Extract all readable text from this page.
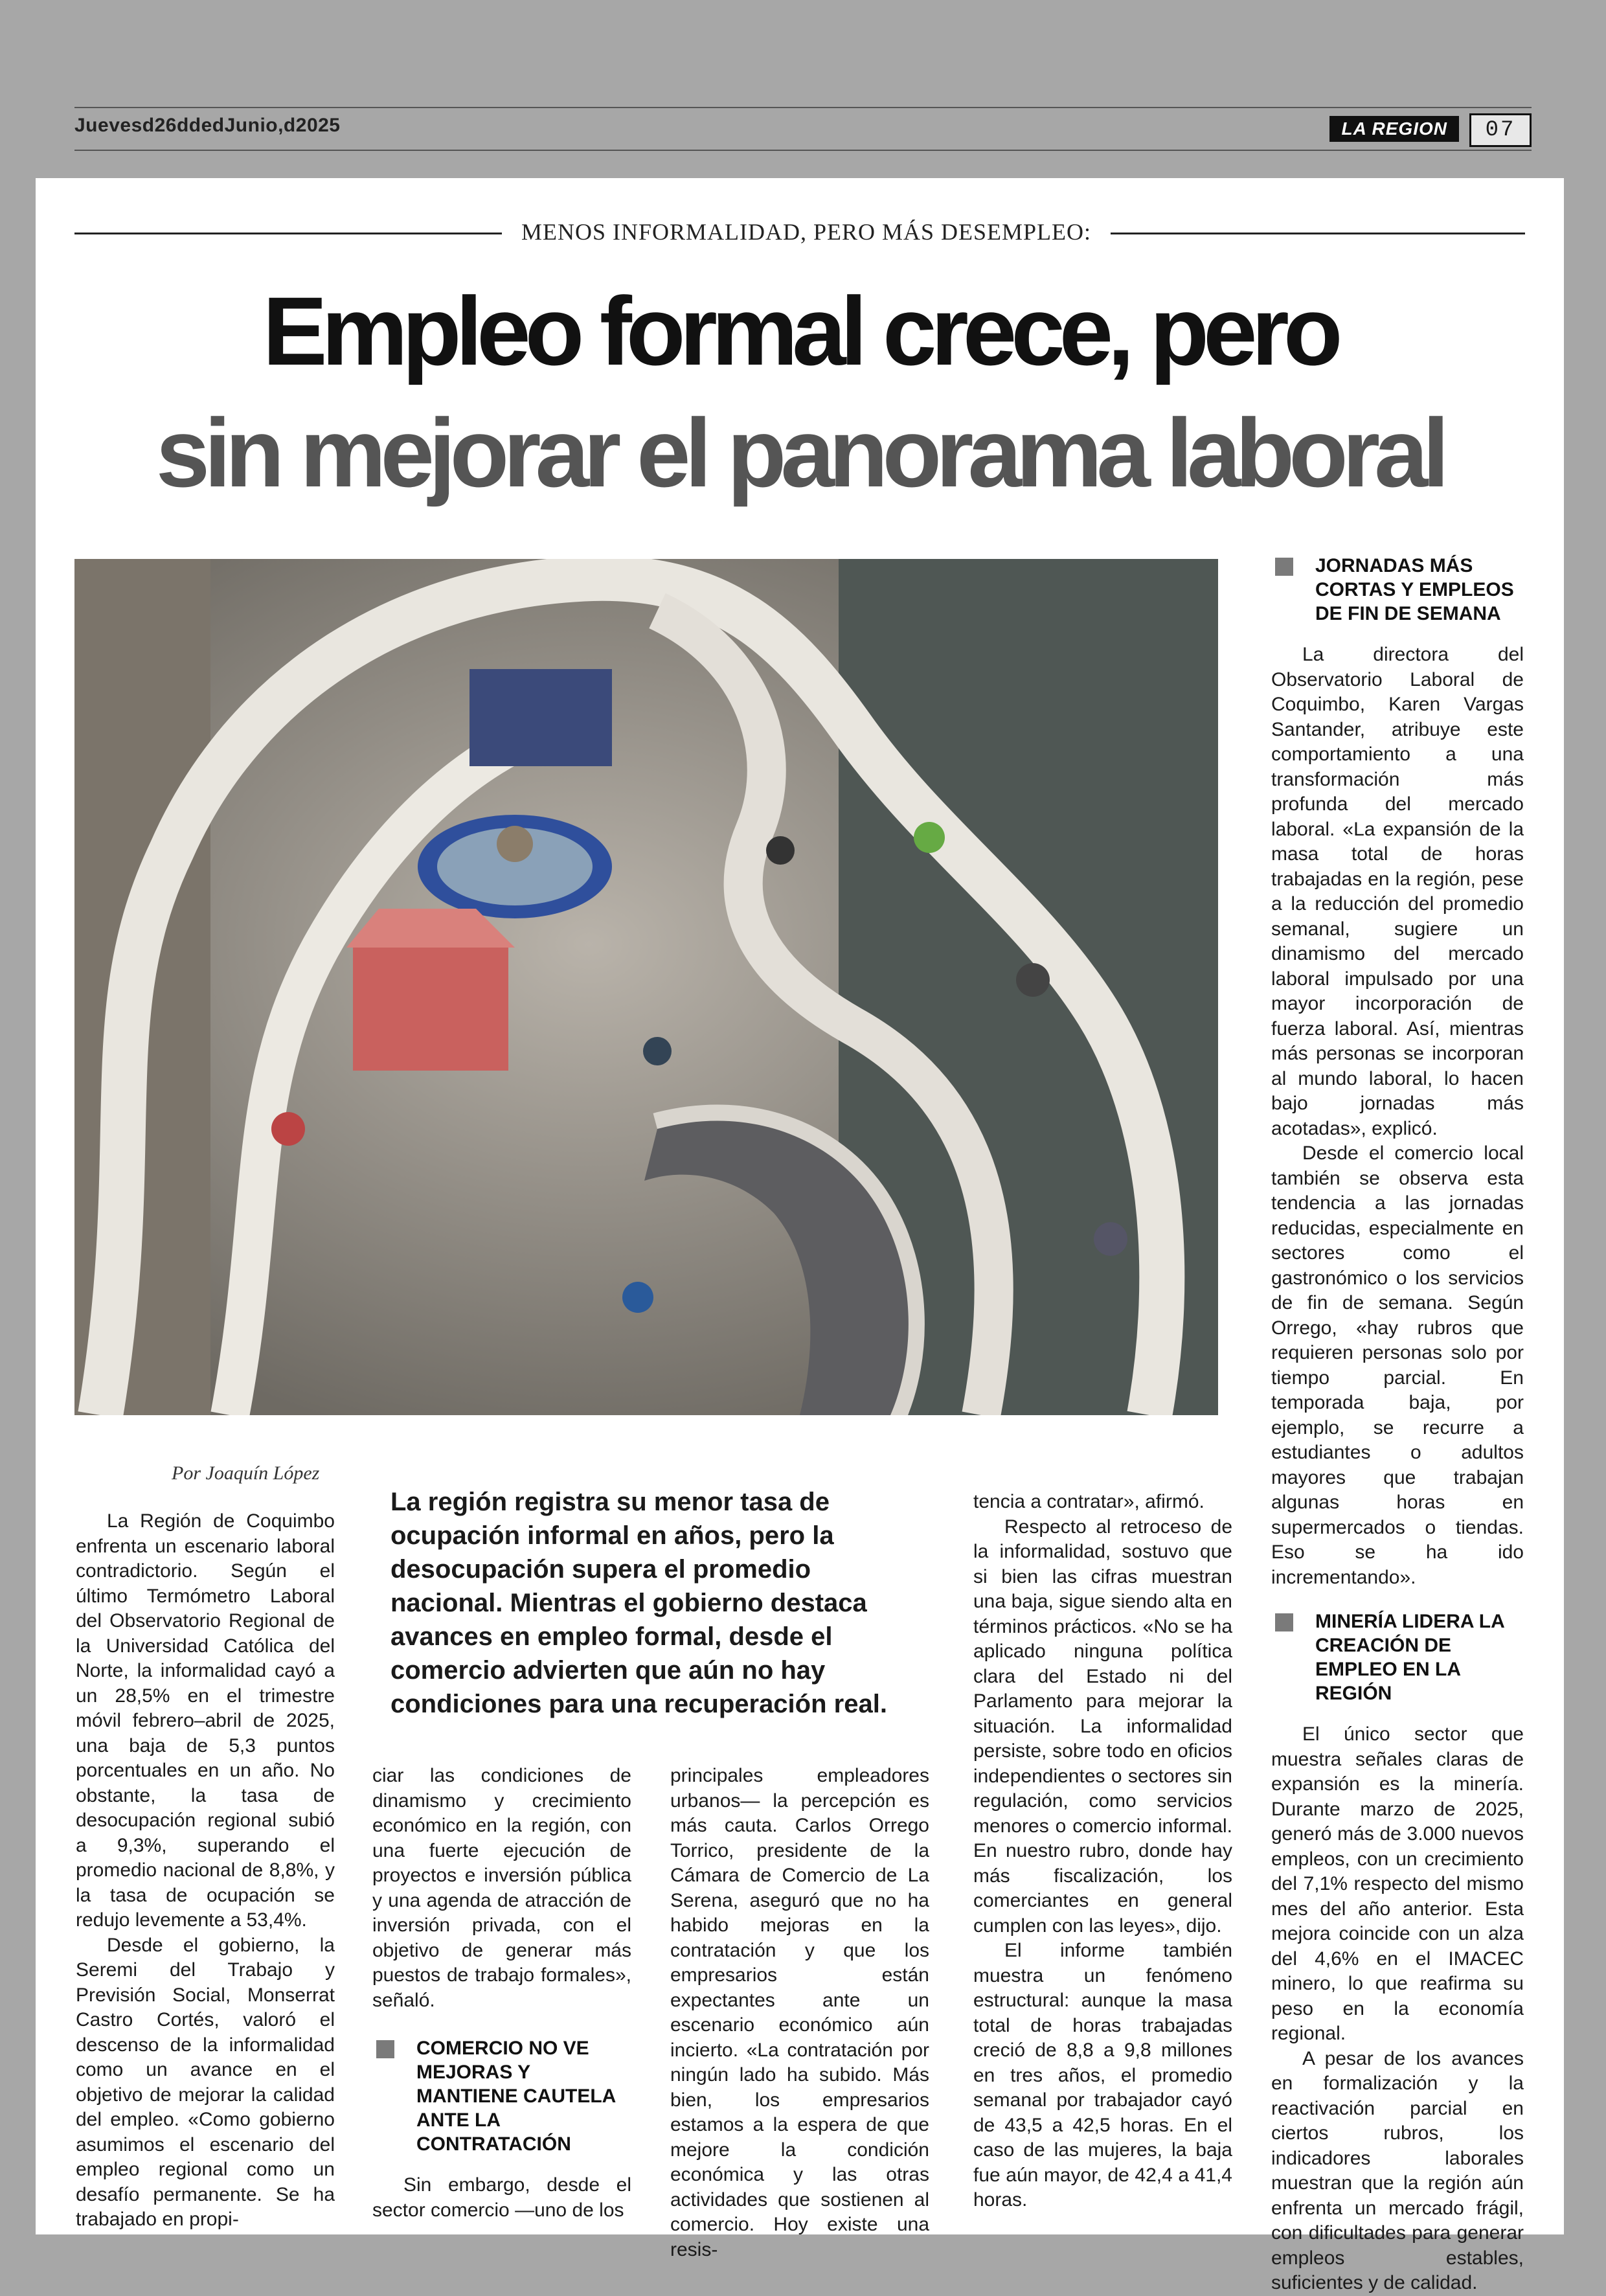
Juevesd26ddedJunio,d2025	LA REGION	07
MENOS INFORMALIDAD, PERO MÁS DESEMPLEO:
Empleo formal crece, pero
sin mejorar el panorama laboral
JORNADAS MÁS CORTAS Y EMPLEOS DE FIN DE SEMANA

La directora del Observatorio Laboral de Coquimbo, Karen Vargas Santander, atribuye este comportamiento a una transformación más profunda del mercado laboral. «La expansión de la masa total de horas trabajadas en la región, pese a la reducción del promedio semanal, sugiere un dinamismo del mercado laboral impulsado por una mayor incorporación de fuerza laboral. Así, mientras más personas se incorporan al mundo laboral, lo hacen bajo jornadas más acotadas», explicó.

Desde el comercio local también se observa esta tendencia a las jornadas reducidas, especialmente en sectores como el gastronómico o los servicios de fin de semana. Según Orrego, «hay rubros que requieren personas solo por tiempo parcial. En temporada baja, por ejemplo, se recurre a estudiantes o adultos mayores que trabajan algunas horas en supermercados o tiendas. Eso se ha ido incrementando».

MINERÍA LIDERA LA CREACIÓN DE EMPLEO EN LA REGIÓN

El único sector que muestra señales claras de expansión es la minería. Durante marzo de 2025, generó más de 3.000 nuevos empleos, con un crecimiento del 7,1% respecto del mismo mes del año anterior. Esta mejora coincide con un alza del 4,6% en el IMACEC minero, lo que reafirma su peso en la economía regional.

A pesar de los avances en formalización y la reactivación parcial en ciertos rubros, los indicadores laborales muestran que la región aún enfrenta un mercado frágil, con dificultades para generar empleos estables, suficientes y de calidad.

Por Joaquín López
La región registra su menor tasa de ocupación informal en años, pero la desocupación supera el promedio nacional. Mientras el gobierno destaca avances en empleo formal, desde el comercio advierten que aún no hay condiciones para una recuperación real.

La Región de Coquimbo enfrenta un escenario laboral contradictorio. Según el último Termómetro Laboral del Observatorio Regional de la Universidad Católica del Norte, la informalidad cayó a un 28,5% en el trimestre móvil febrero–abril de 2025, una baja de 5,3 puntos porcentuales en un año. No obstante, la tasa de desocupación regional subió a 9,3%, superando el promedio nacional de 8,8%, y la tasa de ocupación se redujo levemente a 53,4%.

Desde el gobierno, la Seremi del Trabajo y Previsión Social, Monserrat Castro Cortés, valoró el descenso de la informalidad como un avance en el objetivo de mejorar la calidad del empleo. «Como gobierno asumimos el escenario del empleo regional como un desafío permanente. Se ha trabajado en propi-

ciar las condiciones de dinamismo y crecimiento económico en la región, con una fuerte ejecución de proyectos e inversión pública y una agenda de atracción de inversión privada, con el objetivo de generar más puestos de trabajo formales», señaló.

COMERCIO NO VE MEJORAS Y MANTIENE CAUTELA ANTE LA CONTRATACIÓN

Sin embargo, desde el sector comercio —uno de los

principales empleadores urbanos— la percepción es más cauta. Carlos Orrego Torrico, presidente de la Cámara de Comercio de La Serena, aseguró que no ha habido mejoras en la contratación y que los empresarios están expectantes ante un escenario económico aún incierto. «La contratación por ningún lado ha subido. Más bien, los empresarios estamos a la espera de que mejore la condición económica y las otras actividades que sostienen al comercio. Hoy existe una resis-

tencia a contratar», afirmó.

Respecto al retroceso de la informalidad, sostuvo que si bien las cifras muestran una baja, sigue siendo alta en términos prácticos. «No se ha aplicado ninguna política clara del Estado ni del Parlamento para mejorar la situación. La informalidad persiste, sobre todo en oficios independientes o sectores sin regulación, como servicios menores o comercio informal. En nuestro rubro, donde hay más fiscalización, los comerciantes en general cumplen con las leyes», dijo.

El informe también muestra un fenómeno estructural: aunque la masa total de horas trabajadas creció de 8,8 a 9,8 millones en tres años, el promedio semanal por trabajador cayó de 43,5 a 42,5 horas. En el caso de las mujeres, la baja fue aún mayor, de 42,4 a 41,4 horas.
